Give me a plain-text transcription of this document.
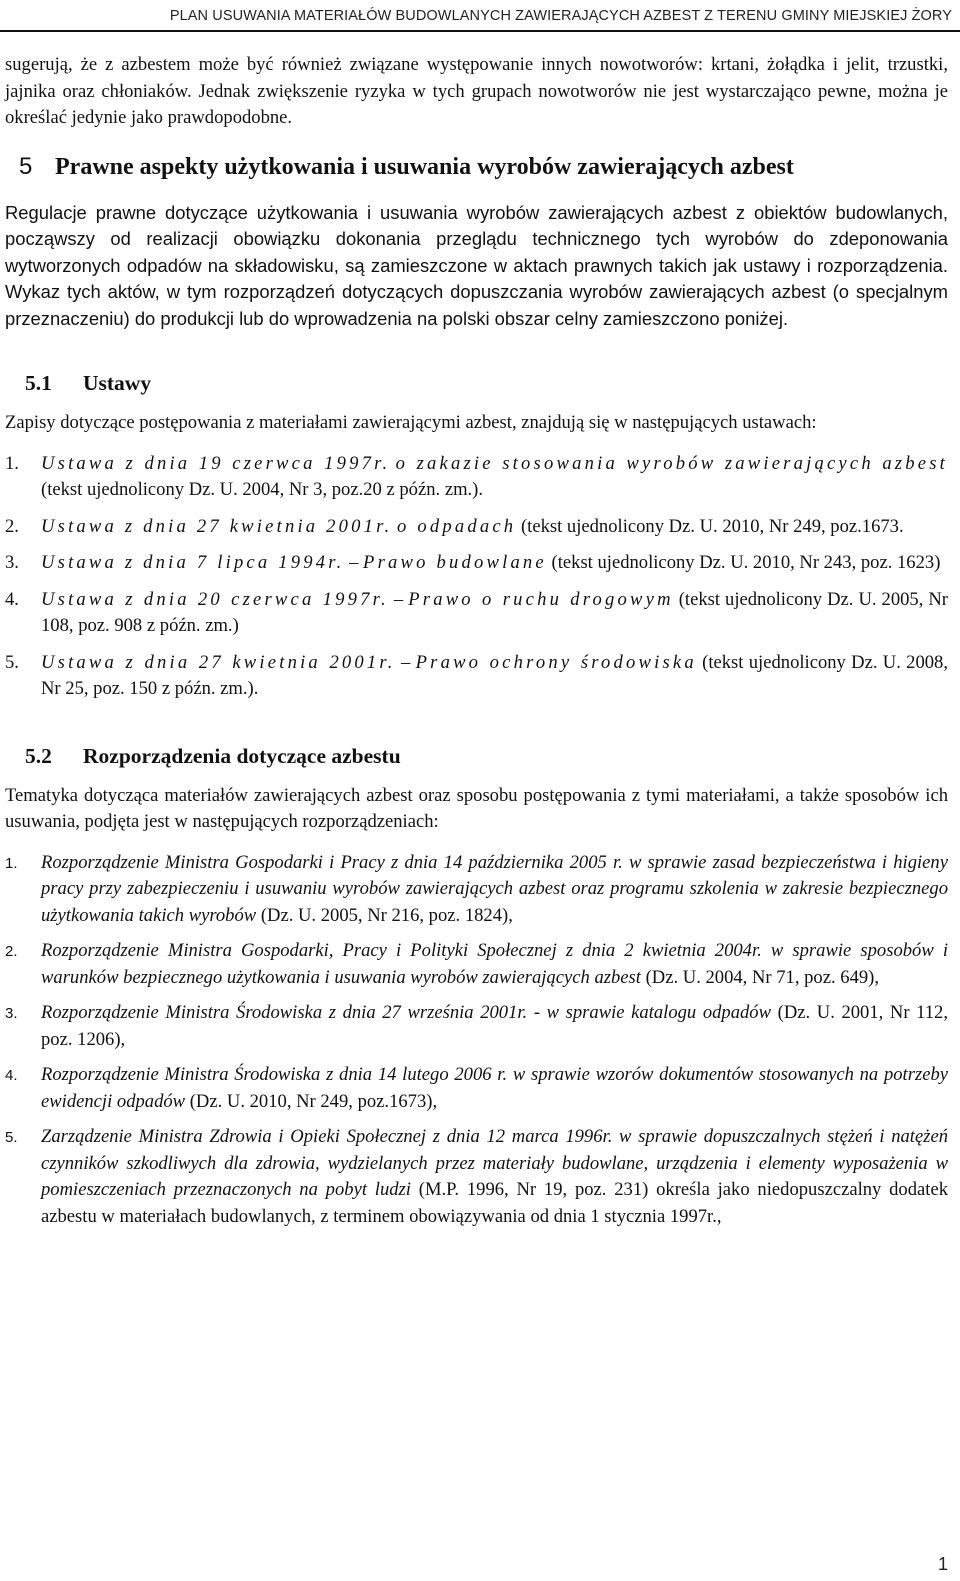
PLAN USUWANIA MATERIAŁÓW BUDOWLANYCH ZAWIERAJĄCYCH AZBEST Z TERENU GMINY MIEJSKIEJ ŻORY

sugerują, że z azbestem może być również związane występowanie innych nowotworów: krtani, żołądka i jelit, trzustki, jajnika oraz chłoniaków. Jednak zwiększenie ryzyka w tych grupach nowotworów nie jest wystarczająco pewne, można je określać jedynie jako prawdopodobne.

5 Prawne aspekty użytkowania i usuwania wyrobów zawierających azbest

Regulacje prawne dotyczące użytkowania i usuwania wyrobów zawierających azbest z obiektów budowlanych, począwszy od realizacji obowiązku dokonania przeglądu technicznego tych wyrobów do zdeponowania wytworzonych odpadów na składowisku, są zamieszczone w aktach prawnych takich jak ustawy i rozporządzenia. Wykaz tych aktów, w tym rozporządzeń dotyczących dopuszczania wyrobów zawierających azbest (o specjalnym przeznaczeniu) do produkcji lub do wprowadzenia na polski obszar celny zamieszczono poniżej.

5.1	Ustawy

Zapisy dotyczące postępowania z materiałami zawierającymi azbest, znajdują się w następujących ustawach:

1.	Ustawa z dnia 19 czerwca 1997r. o zakazie stosowania wyrobów zawierających azbest (tekst ujednolicony Dz. U. 2004, Nr 3, poz.20 z późn. zm.).
2.	Ustawa z dnia 27 kwietnia 2001r. o odpadach (tekst ujednolicony Dz. U. 2010, Nr 249, poz.1673.
3.	Ustawa z dnia 7 lipca 1994r. – Prawo budowlane (tekst ujednolicony Dz. U. 2010, Nr 243, poz. 1623)
4.	Ustawa z dnia 20 czerwca 1997r. – Prawo o ruchu drogowym (tekst ujednolicony Dz. U. 2005, Nr 108, poz. 908 z późn. zm.)
5.	Ustawa z dnia 27 kwietnia 2001r. – Prawo ochrony środowiska (tekst ujednolicony Dz. U. 2008, Nr 25, poz. 150 z późn. zm.).
5.2	Rozporządzenia dotyczące azbestu

Tematyka dotycząca materiałów zawierających azbest oraz sposobu postępowania z tymi materiałami, a także sposobów ich usuwania, podjęta jest w następujących rozporządzeniach:

1.	Rozporządzenie Ministra Gospodarki i Pracy z dnia 14 października 2005 r. w sprawie zasad bezpieczeństwa i higieny pracy przy zabezpieczeniu i usuwaniu wyrobów zawierających azbest oraz programu szkolenia w zakresie bezpiecznego użytkowania takich wyrobów (Dz. U. 2005, Nr 216, poz. 1824),
2.	Rozporządzenie Ministra Gospodarki, Pracy i Polityki Społecznej z dnia 2 kwietnia 2004r. w sprawie sposobów i warunków bezpiecznego użytkowania i usuwania wyrobów zawierających azbest (Dz. U. 2004, Nr 71, poz. 649),
3.	Rozporządzenie Ministra Środowiska z dnia 27 września 2001r. - w sprawie katalogu odpadów (Dz. U. 2001, Nr 112, poz. 1206),
4.	Rozporządzenie Ministra Środowiska z dnia 14 lutego 2006 r. w sprawie wzorów dokumentów stosowanych na potrzeby ewidencji odpadów (Dz. U. 2010, Nr 249, poz.1673),
5.	Zarządzenie Ministra Zdrowia i Opieki Społecznej z dnia 12 marca 1996r. w sprawie dopuszczalnych stężeń i natężeń czynników szkodliwych dla zdrowia, wydzielanych przez materiały budowlane, urządzenia i elementy wyposażenia w pomieszczeniach przeznaczonych na pobyt ludzi (M.P. 1996, Nr 19, poz. 231) określa jako niedopuszczalny dodatek azbestu w materiałach budowlanych, z terminem obowiązywania od dnia 1 stycznia 1997r.,
1
